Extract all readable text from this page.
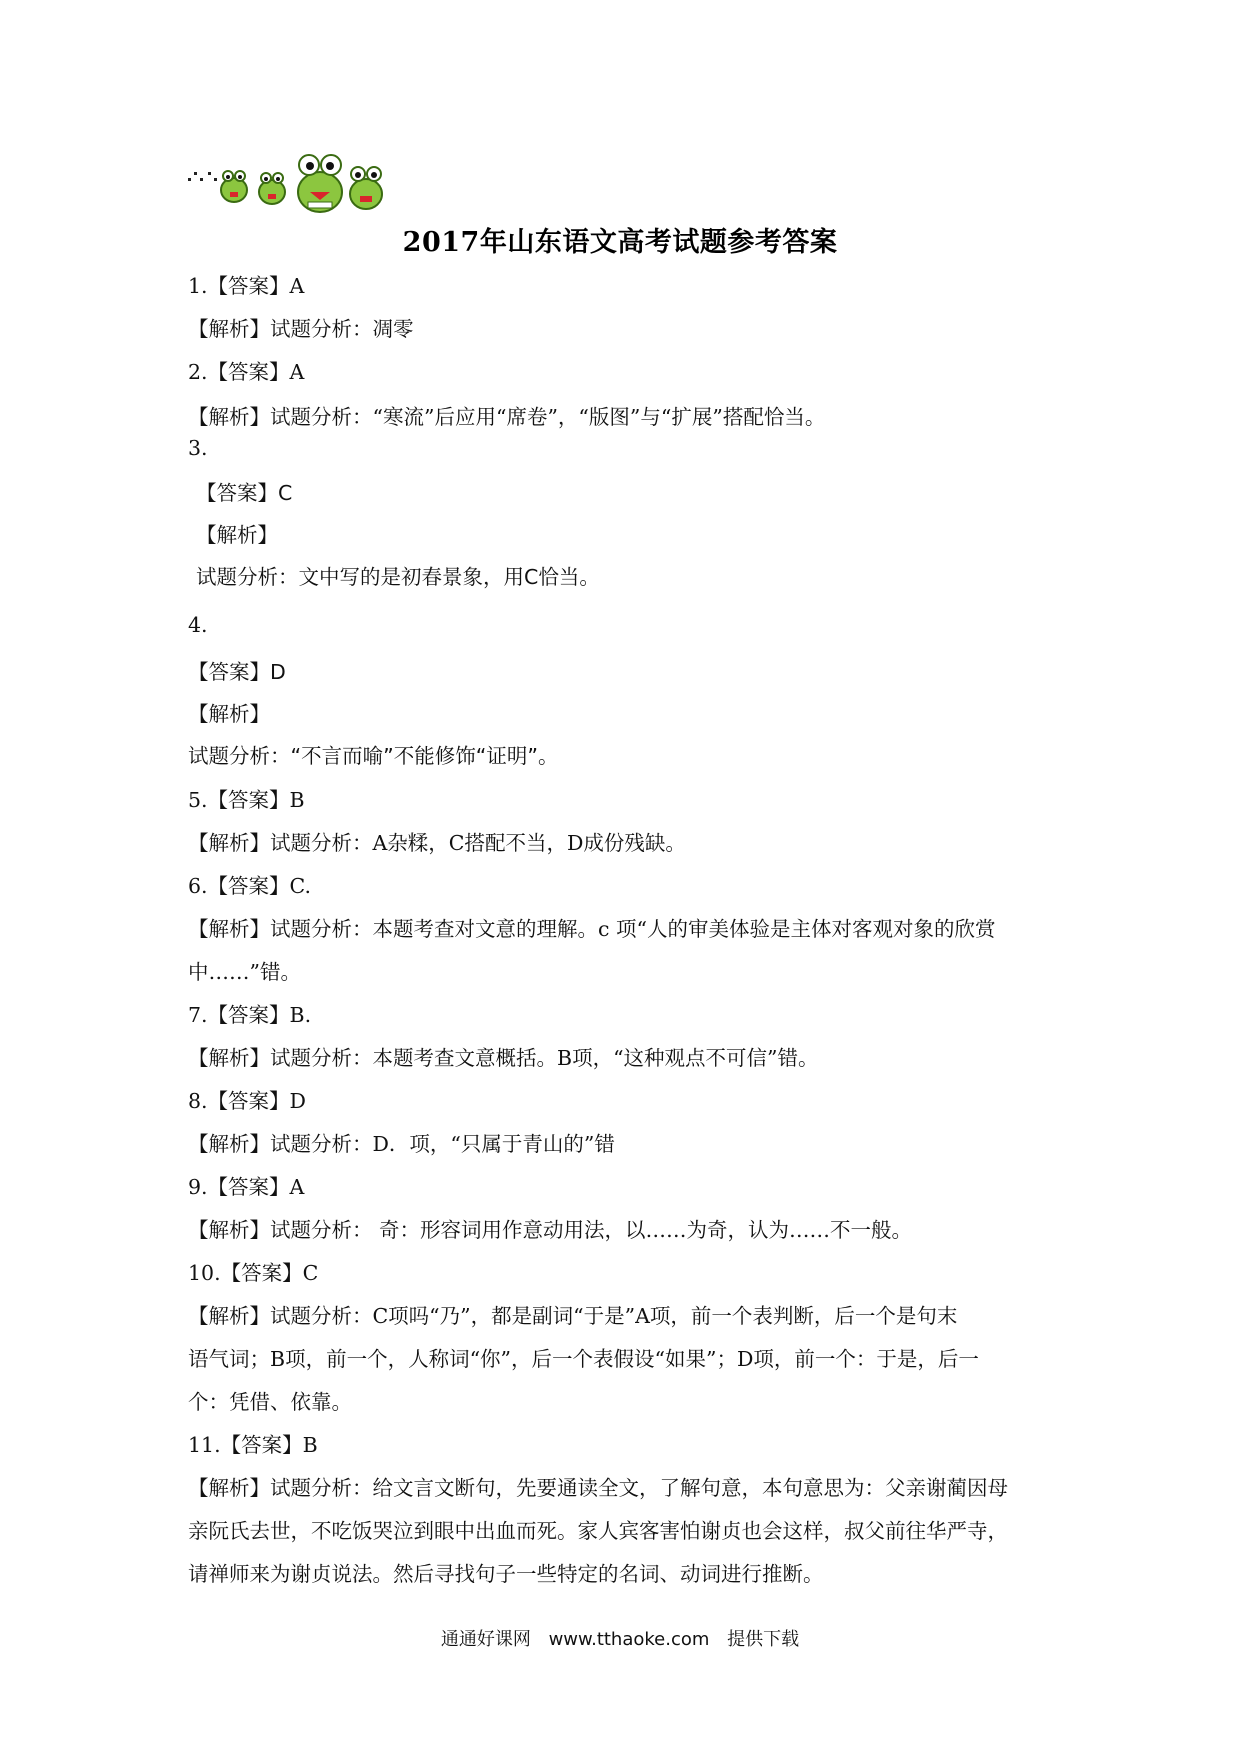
2017年山东语文高考试题参考答案
1.【答案】A
【解析】试题分析：凋零
2.【答案】A
【解析】试题分析：“寒流”后应用“席卷”，“版图”与“扩展”搭配恰当。
3.
【答案】C
【解析】
试题分析：文中写的是初春景象，用C恰当。
4.
【答案】D
【解析】
试题分析：“不言而喻”不能修饰“证明”。
5.【答案】B
【解析】试题分析：A杂糅，C搭配不当，D成份残缺。
6.【答案】C.
【解析】试题分析：本题考查对文意的理解。c 项“人的审美体验是主体对客观对象的欣赏
中……”错。
7.【答案】B.
【解析】试题分析：本题考查文意概括。B项，“这种观点不可信”错。
8.【答案】D
【解析】试题分析：D．项，“只属于青山的”错
9.【答案】A
【解析】试题分析： 奇：形容词用作意动用法，以……为奇，认为……不一般。
10.【答案】C
【解析】试题分析：C项吗“乃”，都是副词“于是”A项，前一个表判断，后一个是句末
语气词；B项，前一个，人称词“你”，后一个表假设“如果”；D项，前一个：于是，后一
个：凭借、依靠。
11.【答案】B
【解析】试题分析：给文言文断句，先要通读全文，了解句意，本句意思为：父亲谢蔺因母
亲阮氏去世，不吃饭哭泣到眼中出血而死。家人宾客害怕谢贞也会这样，叔父前往华严寺，
请禅师来为谢贞说法。然后寻找句子一些特定的名词、动词进行推断。
通通好课网 www.tthaoke.com 提供下载
